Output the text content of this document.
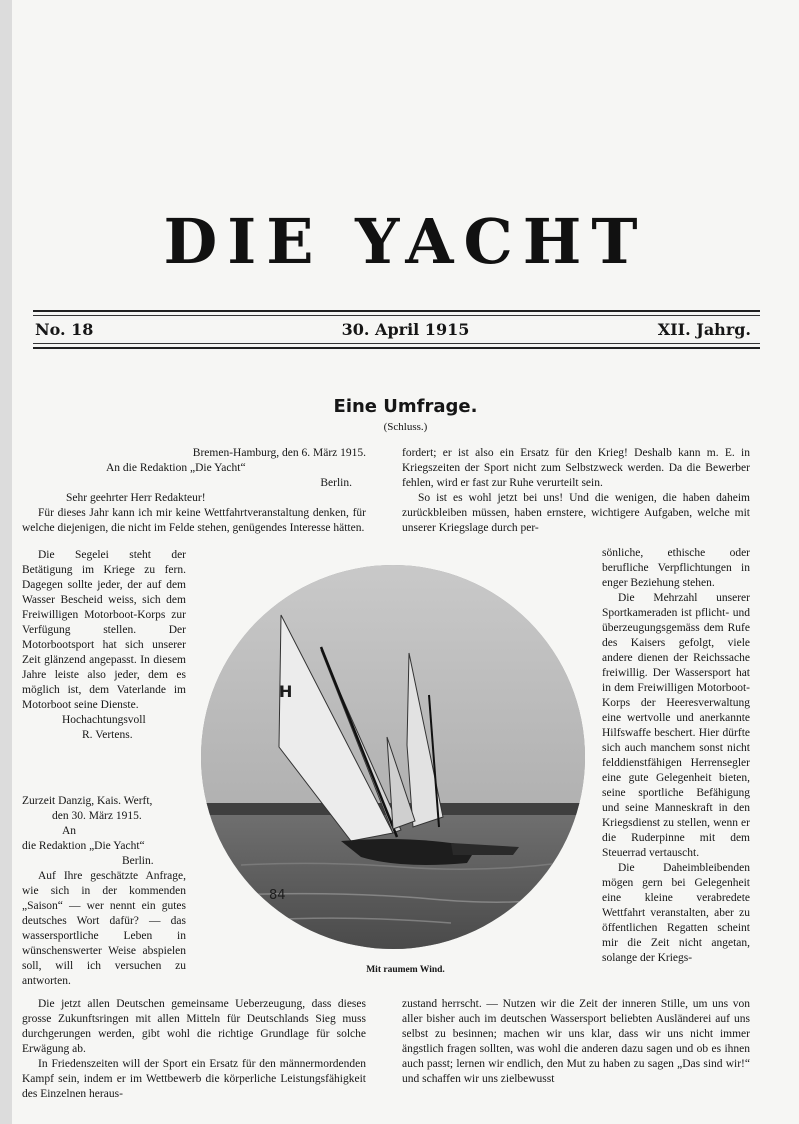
DIE YACHT
No. 18	30. April 1915	XII. Jahrg.
Eine Umfrage.
(Schluss.)

Bremen-Hamburg, den 6. März 1915.

An die Redaktion „Die Yacht“

Berlin.

Sehr geehrter Herr Redakteur!

Für dieses Jahr kann ich mir keine Wettfahrtveranstaltung denken, für welche diejenigen, die nicht im Felde stehen, genügendes Interesse hätten.

Die Segelei steht der Betätigung im Kriege zu fern. Dagegen sollte jeder, der auf dem Wasser Bescheid weiss, sich dem Freiwilligen Motorboot-Korps zur Verfügung stellen. Der Motorbootsport hat sich unserer Zeit glänzend angepasst. In diesem Jahre leiste also jeder, dem es möglich ist, dem Vaterlande im Motorboot seine Dienste.

Hochachtungsvoll

R. Vertens.

Zurzeit Danzig, Kais. Werft,

den 30. März 1915.

An

die Redaktion „Die Yacht“

Berlin.

Auf Ihre geschätzte Anfrage, wie sich in der kommenden „Saison“ — wer nennt ein gutes deutsches Wort dafür? — das wassersportliche Leben in wünschenswerter Weise abspielen soll, will ich versuchen zu antworten.

fordert; er ist also ein Ersatz für den Krieg! Deshalb kann m. E. in Kriegszeiten der Sport nicht zum Selbstzweck werden. Da die Bewerber fehlen, wird er fast zur Ruhe verurteilt sein.

So ist es wohl jetzt bei uns! Und die wenigen, die haben daheim zurückbleiben müssen, haben ernstere, wichtigere Aufgaben, welche mit unserer Kriegslage durch per-

sönliche, ethische oder berufliche Verpflichtungen in enger Beziehung stehen.

Die Mehrzahl unserer Sportkameraden ist pflicht- und überzeugungsgemäss dem Rufe des Kaisers gefolgt, viele andere dienen der Reichssache freiwillig. Der Wassersport hat in dem Freiwilligen Motorboot-Korps der Heeresverwaltung eine wertvolle und anerkannte Hilfswaffe beschert. Hier dürfte sich auch manchem sonst nicht felddienstfähigen Herrensegler eine gute Gelegenheit bieten, seine sportliche Befähigung und seine Manneskraft in den Kriegsdienst zu stellen, wenn er die Ruderpinne mit dem Steuerrad vertauscht.

Die Daheimbleibenden mögen gern bei Gelegenheit eine kleine verabredete Wettfahrt veranstalten, aber zu öffentlichen Regatten scheint mir die Zeit nicht angetan, solange der Kriegs-

H
84
Mit raumem Wind.

Die jetzt allen Deutschen gemeinsame Ueberzeugung, dass dieses grosse Zukunftsringen mit allen Mitteln für Deutschlands Sieg muss durchgerungen werden, gibt wohl die richtige Grundlage für solche Erwägung ab.

In Friedenszeiten will der Sport ein Ersatz für den männermordenden Kampf sein, indem er im Wettbewerb die körperliche Leistungsfähigkeit des Einzelnen heraus-

zustand herrscht. — Nutzen wir die Zeit der inneren Stille, um uns von aller bisher auch im deutschen Wassersport beliebten Ausländerei auf uns selbst zu besinnen; machen wir uns klar, dass wir uns nicht immer ängstlich fragen sollten, was wohl die anderen dazu sagen und ob es ihnen auch passt; lernen wir endlich, den Mut zu haben zu sagen „Das sind wir!“ und schaffen wir uns zielbewusst
